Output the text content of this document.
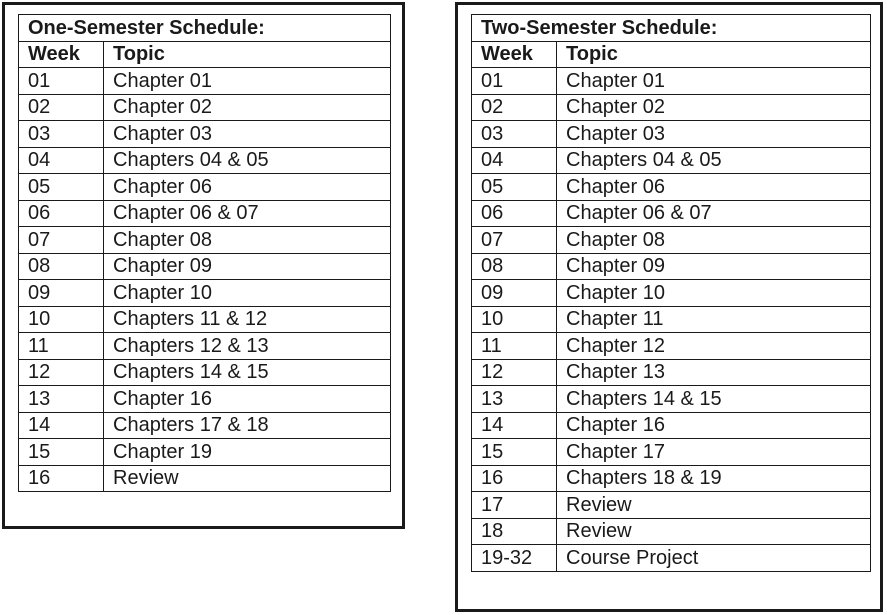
One-Semester Schedule:	
Week	Topic
01	Chapter 01
02	Chapter 02
03	Chapter 03
04	Chapters 04 & 05
05	Chapter 06
06	Chapter 06 & 07
07	Chapter 08
08	Chapter 09
09	Chapter 10
10	Chapters 11 & 12
11	Chapters 12 & 13
12	Chapters 14 & 15
13	Chapter 16
14	Chapters 17 & 18
15	Chapter 19
16	Review
Two-Semester Schedule:	
Week	Topic
01	Chapter 01
02	Chapter 02
03	Chapter 03
04	Chapters 04 & 05
05	Chapter 06
06	Chapter 06 & 07
07	Chapter 08
08	Chapter 09
09	Chapter 10
10	Chapter 11
11	Chapter 12
12	Chapter 13
13	Chapters 14 & 15
14	Chapter 16
15	Chapter 17
16	Chapters 18 & 19
17	Review
18	Review
19-32	Course Project
